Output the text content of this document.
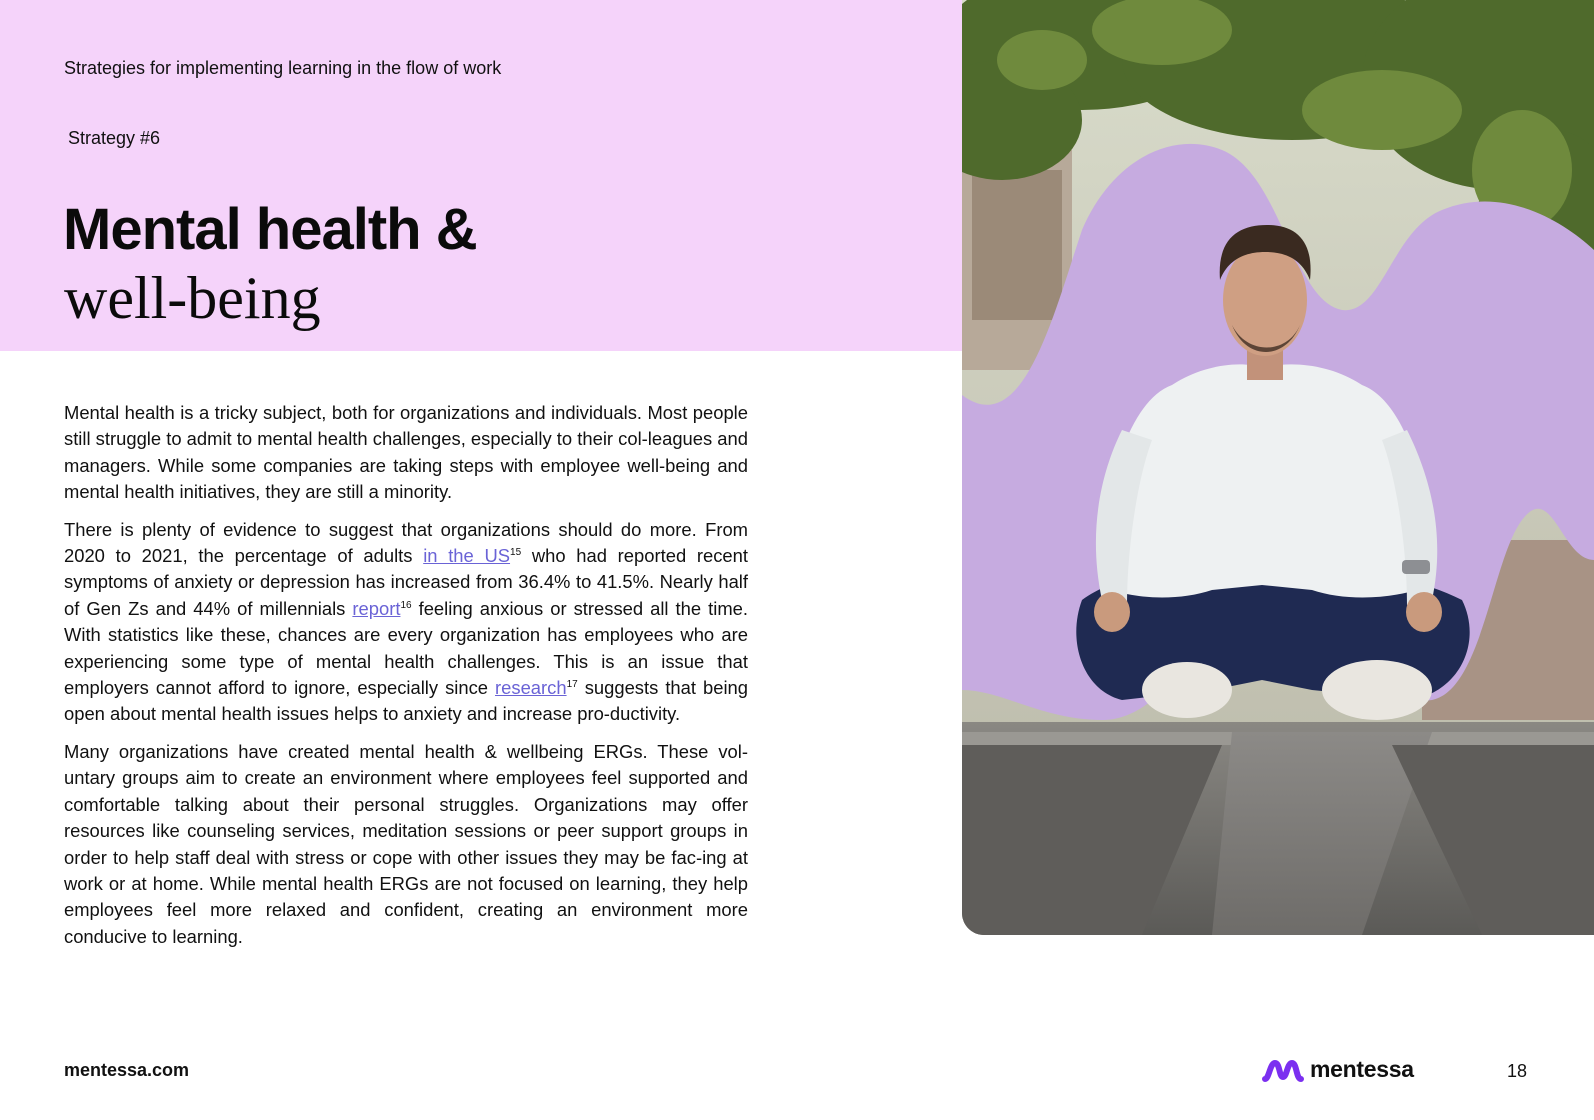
Strategies for implementing learning in the flow of work
Strategy #6
Mental health &
well-being

Mental health is a tricky subject, both for organizations and individuals. Most people still struggle to admit to mental health challenges, especially to their col-leagues and managers. While some companies are taking steps with employee well-being and mental health initiatives, they are still a minority.

There is plenty of evidence to suggest that organizations should do more. From 2020 to 2021, the percentage of adults in the US$^{15}$ who had reported recent symptoms of anxiety or depression has increased from 36.4% to 41.5%. Nearly half of Gen Zs and 44% of millennials report$^{16}$ feeling anxious or stressed all the time. With statistics like these, chances are every organization has employees who are experiencing some type of mental health challenges. This is an issue that employers cannot afford to ignore, especially since research$^{17}$ suggests that being open about mental health issues helps to anxiety and increase pro-ductivity.

Many organizations have created mental health & wellbeing ERGs. These vol-untary groups aim to create an environment where employees feel supported and comfortable talking about their personal struggles. Organizations may offer resources like counseling services, meditation sessions or peer support groups in order to help staff deal with stress or cope with other issues they may be fac-ing at work or at home. While mental health ERGs are not focused on learning, they help employees feel more relaxed and confident, creating an environment more conducive to learning.

mentessa.com	mentessa	18
